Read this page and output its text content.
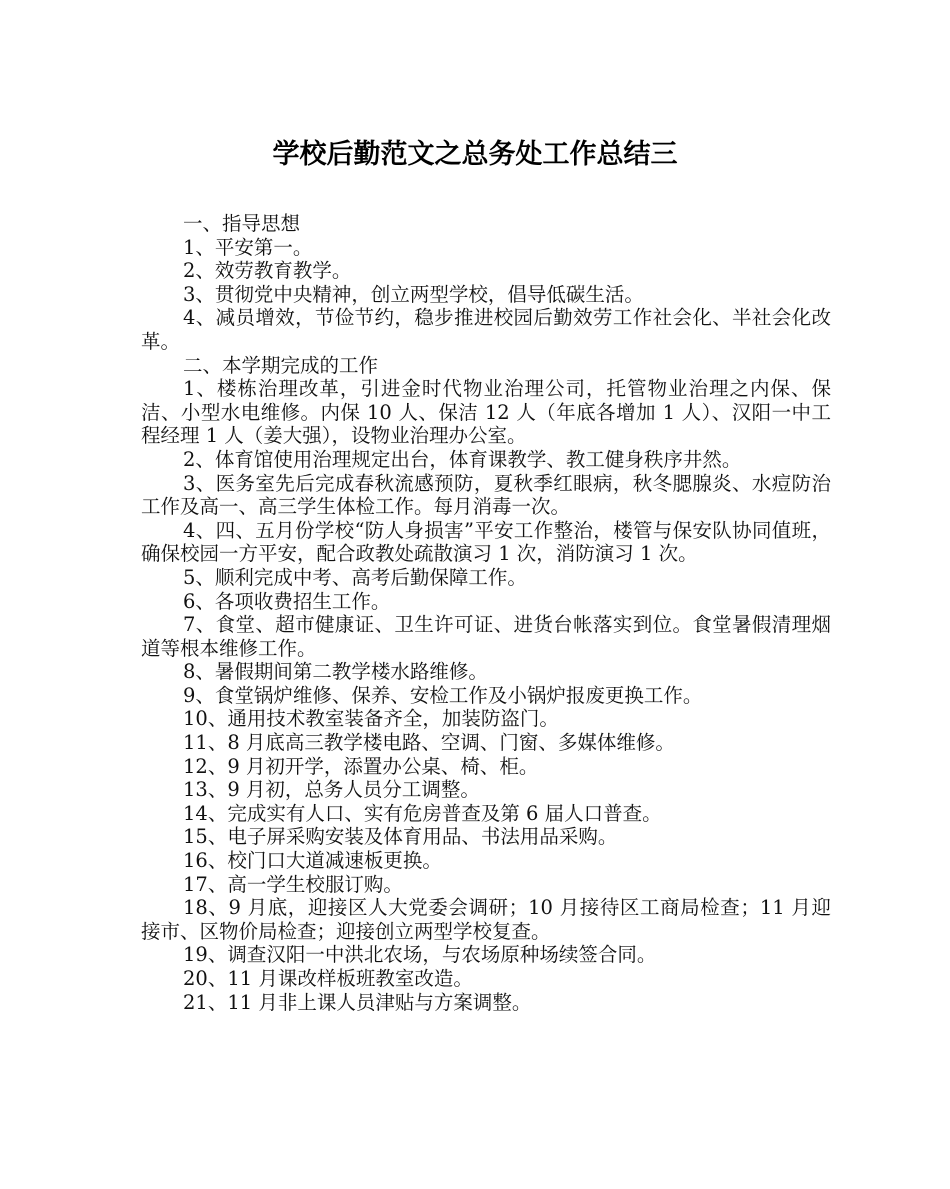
学校后勤范文之总务处工作总结三

一、指导思想

1、平安第一。

2、效劳教育教学。

3、贯彻党中央精神，创立两型学校，倡导低碳生活。

4、减员增效，节俭节约，稳步推进校园后勤效劳工作社会化、半社会化改革。

二、本学期完成的工作

1、楼栋治理改革，引进金时代物业治理公司，托管物业治理之内保、保洁、小型水电维修。内保 10 人、保洁 12 人（年底各增加 1 人）、汉阳一中工程经理 1 人（姜大强），设物业治理办公室。

2、体育馆使用治理规定出台，体育课教学、教工健身秩序井然。

3、医务室先后完成春秋流感预防，夏秋季红眼病，秋冬腮腺炎、水痘防治工作及高一、高三学生体检工作。每月消毒一次。

4、四、五月份学校“防人身损害”平安工作整治，楼管与保安队协同值班，确保校园一方平安，配合政教处疏散演习 1 次，消防演习 1 次。

5、顺利完成中考、高考后勤保障工作。

6、各项收费招生工作。

7、食堂、超市健康证、卫生许可证、进货台帐落实到位。食堂暑假清理烟道等根本维修工作。

8、暑假期间第二教学楼水路维修。

9、食堂锅炉维修、保养、安检工作及小锅炉报废更换工作。

10、通用技术教室装备齐全，加装防盗门。

11、8 月底高三教学楼电路、空调、门窗、多媒体维修。

12、9 月初开学，添置办公桌、椅、柜。

13、9 月初，总务人员分工调整。

14、完成实有人口、实有危房普查及第 6 届人口普查。

15、电子屏采购安装及体育用品、书法用品采购。

16、校门口大道减速板更换。

17、高一学生校服订购。

18、9 月底，迎接区人大党委会调研；10 月接待区工商局检查；11 月迎接市、区物价局检查；迎接创立两型学校复查。

19、调查汉阳一中洪北农场，与农场原种场续签合同。

20、11 月课改样板班教室改造。

21、11 月非上课人员津贴与方案调整。
